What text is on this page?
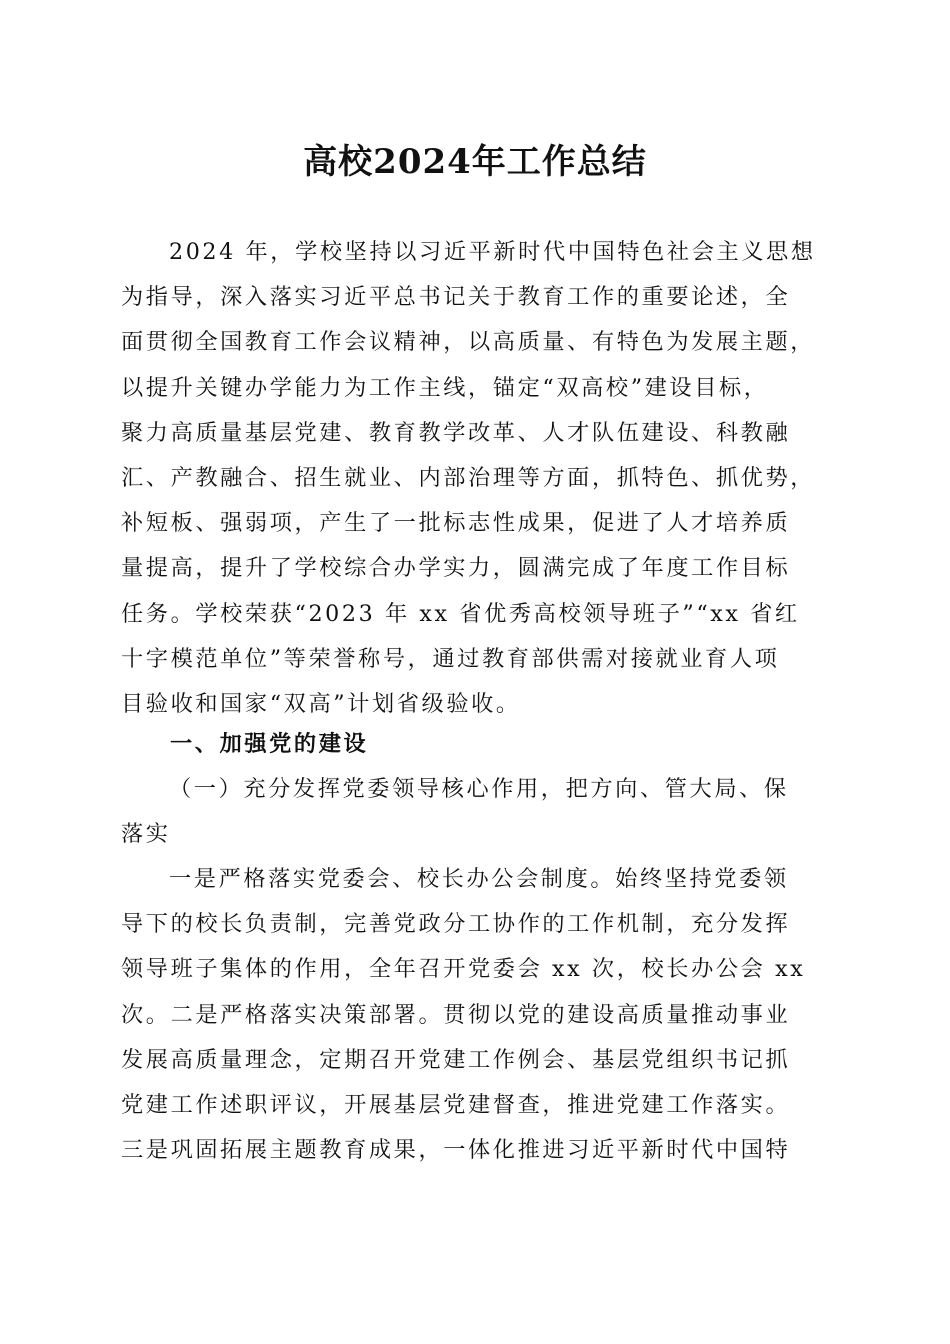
高校2024年工作总结
2024 年，学校坚持以习近平新时代中国特色社会主义思想
为指导，深入落实习近平总书记关于教育工作的重要论述，全
面贯彻全国教育工作会议精神，以高质量、有特色为发展主题，
以提升关键办学能力为工作主线，锚定“双高校”建设目标，
聚力高质量基层党建、教育教学改革、人才队伍建设、科教融
汇、产教融合、招生就业、内部治理等方面，抓特色、抓优势，
补短板、强弱项，产生了一批标志性成果，促进了人才培养质
量提高，提升了学校综合办学实力，圆满完成了年度工作目标
任务。学校荣获“2023 年 xx 省优秀高校领导班子”“xx 省红
十字模范单位”等荣誉称号，通过教育部供需对接就业育人项
目验收和国家“双高”计划省级验收。
一、加强党的建设
（一）充分发挥党委领导核心作用，把方向、管大局、保
落实
一是严格落实党委会、校长办公会制度。始终坚持党委领
导下的校长负责制，完善党政分工协作的工作机制，充分发挥
领导班子集体的作用，全年召开党委会 xx 次，校长办公会 xx
次。二是严格落实决策部署。贯彻以党的建设高质量推动事业
发展高质量理念，定期召开党建工作例会、基层党组织书记抓
党建工作述职评议，开展基层党建督查，推进党建工作落实。
三是巩固拓展主题教育成果，一体化推进习近平新时代中国特
